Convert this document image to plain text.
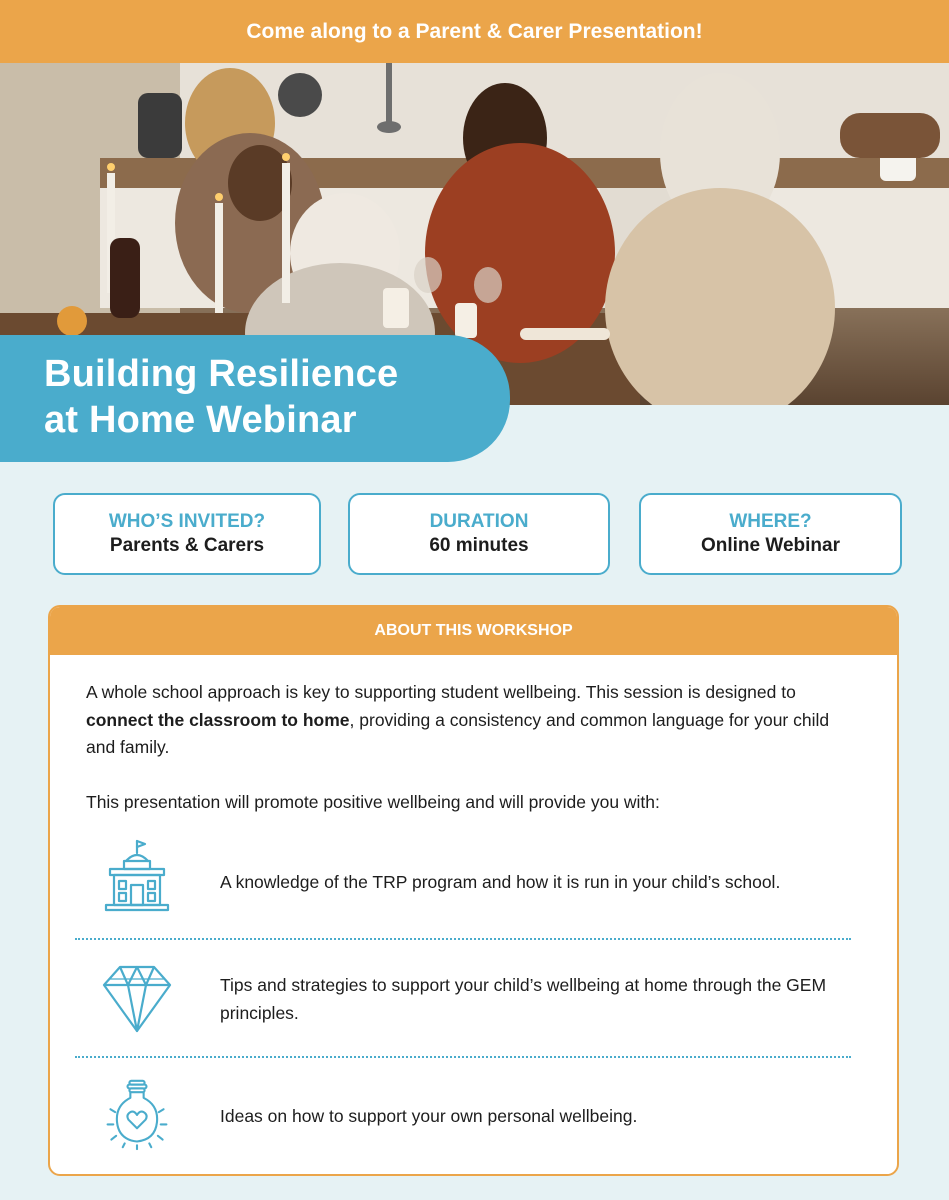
Come along to a Parent & Carer Presentation!
Building Resilience
at Home Webinar
WHO’S INVITED?
Parents & Carers
DURATION
60 minutes
WHERE?
Online Webinar
ABOUT THIS WORKSHOP

A whole school approach is key to supporting student wellbeing. This session is designed to connect the classroom to home, providing a consistency and common language for your child and family.

This presentation will promote positive wellbeing and will provide you with:

A knowledge of the TRP program and how it is run in your child’s school.

Tips and strategies to support your child’s wellbeing at home through the GEM principles.

Ideas on how to support your own personal wellbeing.
